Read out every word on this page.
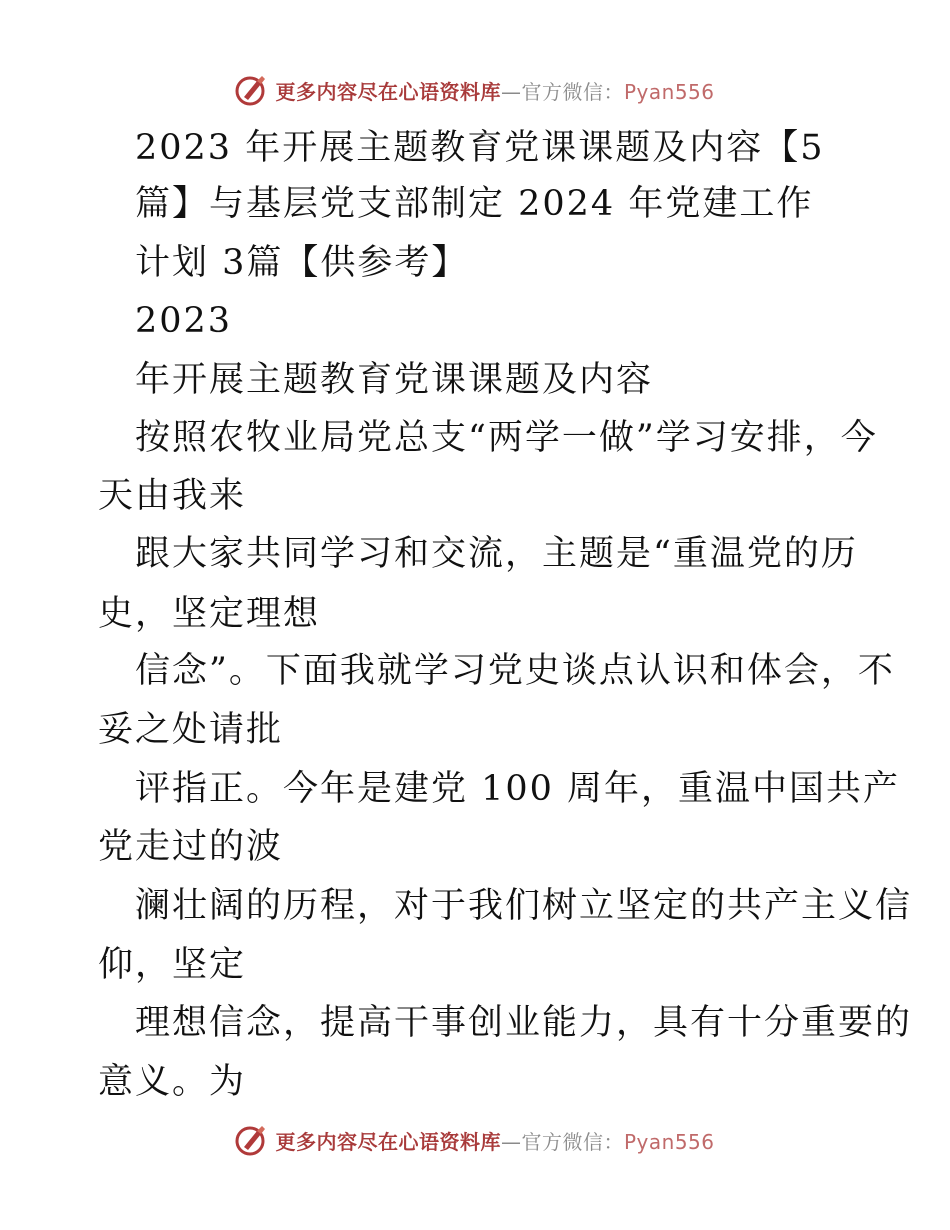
更多内容尽在心语资料库—官方微信：Pyan556
2023 年开展主题教育党课课题及内容【5
篇】与基层党支部制定 2024 年党建工作
计划 3篇【供参考】
2023
年开展主题教育党课课题及内容
按照农牧业局党总支“两学一做”学习安排，今
天由我来
跟大家共同学习和交流，主题是“重温党的历
史，坚定理想
信念”。下面我就学习党史谈点认识和体会，不
妥之处请批
评指正。今年是建党 100 周年，重温中国共产
党走过的波
澜壮阔的历程，对于我们树立坚定的共产主义信
仰，坚定
理想信念，提高干事创业能力，具有十分重要的
意义。为
更多内容尽在心语资料库—官方微信：Pyan556
